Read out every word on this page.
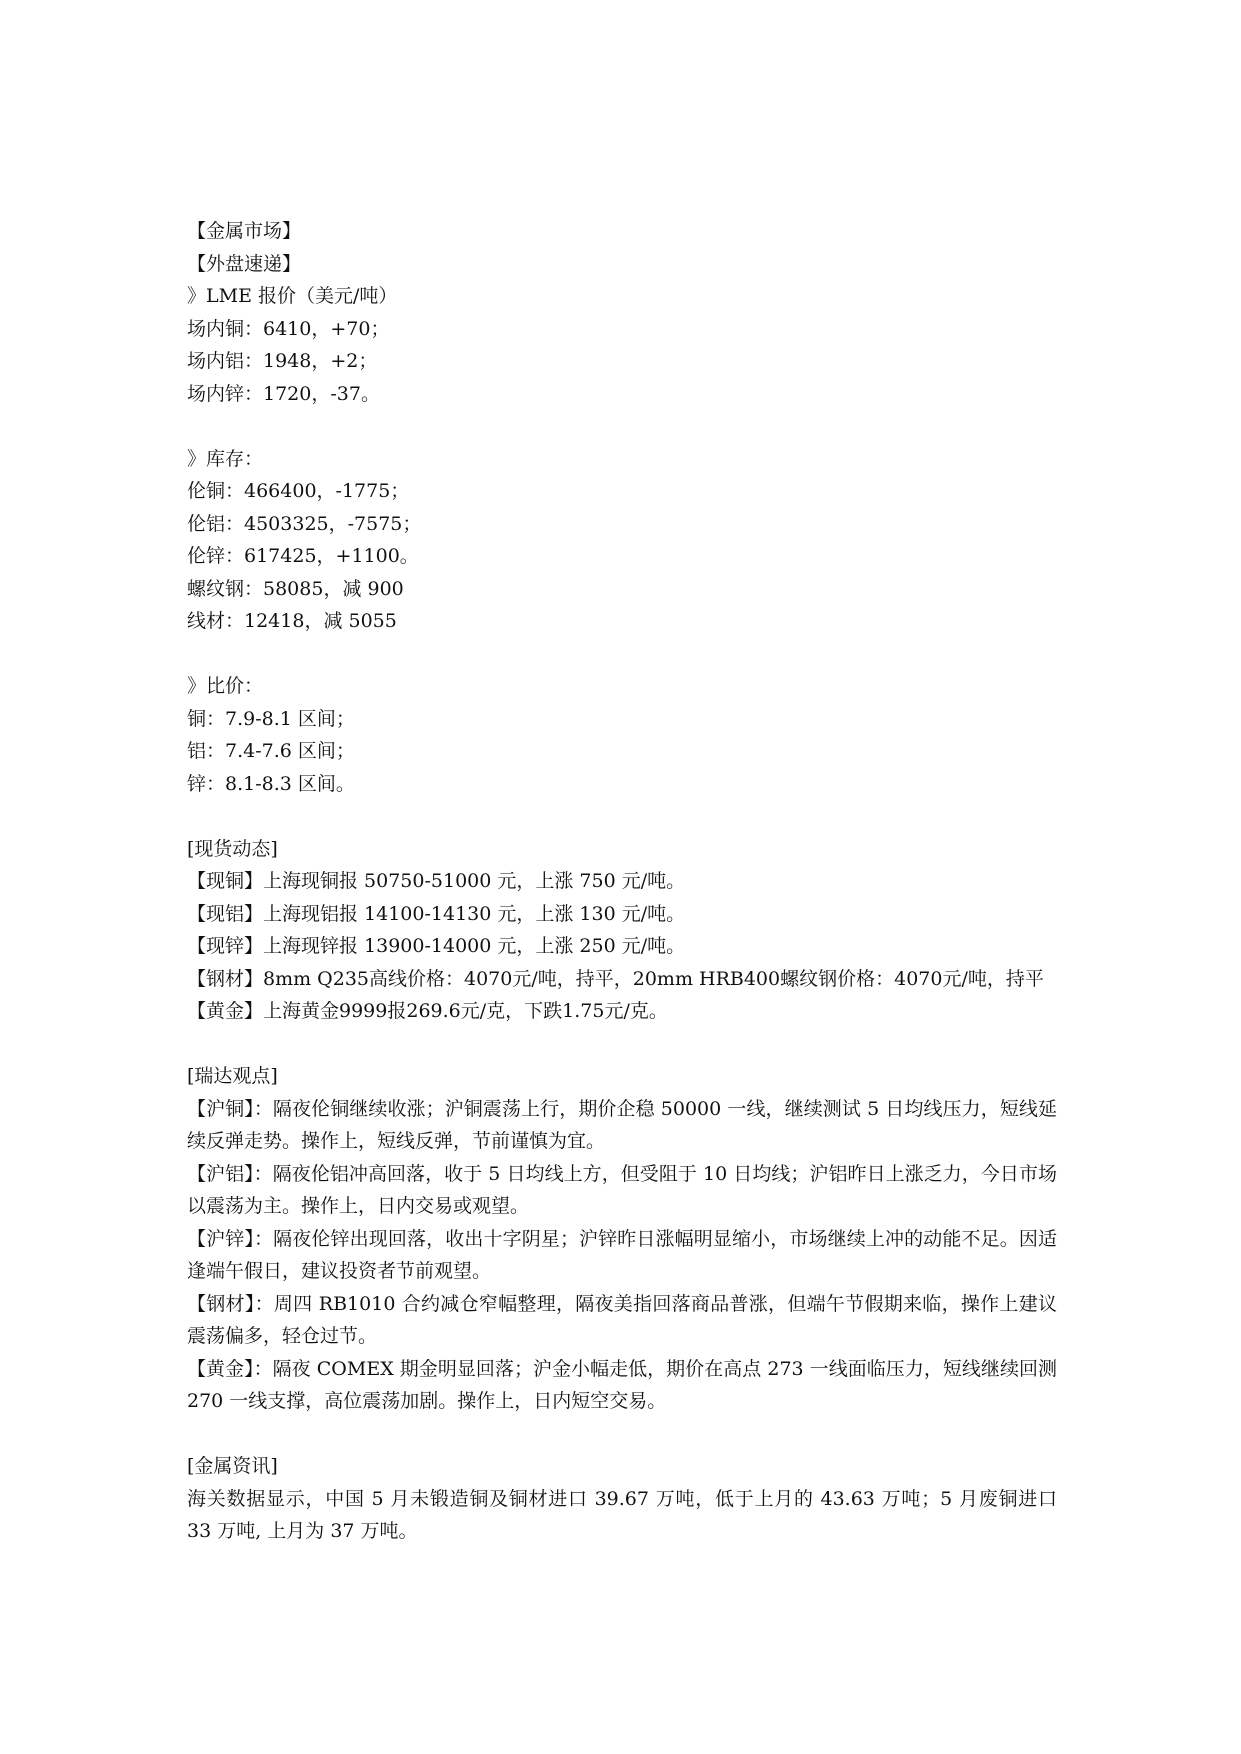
【金属市场】
【外盘速递】
》LME 报价（美元/吨）
场内铜：6410，+70；
场内铝：1948，+2；
场内锌：1720，-37。
》库存：
伦铜：466400，-1775；
伦铝：4503325，-7575；
伦锌：617425，+1100。
螺纹钢：58085，减 900
线材：12418，减 5055
》比价：
铜：7.9-8.1 区间；
铝：7.4-7.6 区间；
锌：8.1-8.3 区间。
[现货动态]
【现铜】上海现铜报 50750-51000 元，上涨 750 元/吨。
【现铝】上海现铝报 14100-14130 元，上涨 130 元/吨。
【现锌】上海现锌报 13900-14000 元，上涨 250 元/吨。
【钢材】8mm Q235高线价格：4070元/吨，持平，20mm HRB400螺纹钢价格：4070元/吨，持平
【黄金】上海黄金9999报269.6元/克，下跌1.75元/克。
[瑞达观点]
【沪铜】：隔夜伦铜继续收涨；沪铜震荡上行，期价企稳 50000 一线，继续测试 5 日均线压力，短线延续反弹走势。操作上，短线反弹，节前谨慎为宜。
【沪铝】：隔夜伦铝冲高回落，收于 5 日均线上方，但受阻于 10 日均线；沪铝昨日上涨乏力，今日市场以震荡为主。操作上，日内交易或观望。
【沪锌】：隔夜伦锌出现回落，收出十字阴星；沪锌昨日涨幅明显缩小，市场继续上冲的动能不足。因适逢端午假日，建议投资者节前观望。
【钢材】：周四 RB1010 合约减仓窄幅整理，隔夜美指回落商品普涨，但端午节假期来临，操作上建议震荡偏多，轻仓过节。
【黄金】：隔夜 COMEX 期金明显回落；沪金小幅走低，期价在高点 273 一线面临压力，短线继续回测 270 一线支撑，高位震荡加剧。操作上，日内短空交易。
[金属资讯]
海关数据显示，中国 5 月未锻造铜及铜材进口 39.67 万吨，低于上月的 43.63 万吨；5 月废铜进口 33 万吨, 上月为 37 万吨。
